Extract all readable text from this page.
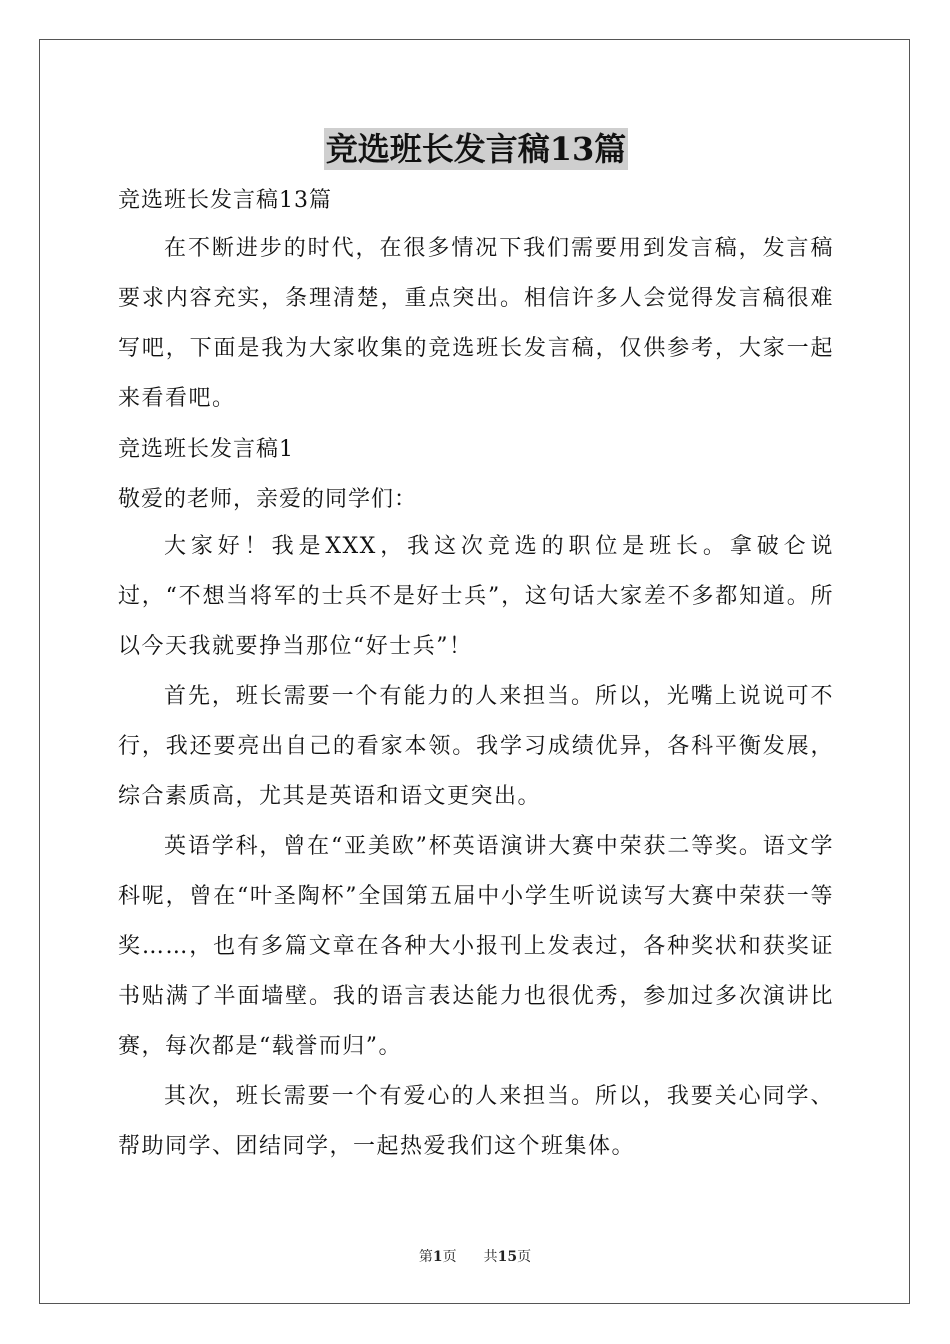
竞选班长发言稿13篇
竞选班长发言稿13篇
在不断进步的时代，在很多情况下我们需要用到发言稿，发言稿要求内容充实，条理清楚，重点突出。相信许多人会觉得发言稿很难写吧，下面是我为大家收集的竞选班长发言稿，仅供参考，大家一起来看看吧。
竞选班长发言稿1
敬爱的老师，亲爱的同学们：
大家好！我是XXX，我这次竞选的职位是班长。拿破仑说过，“不想当将军的士兵不是好士兵”，这句话大家差不多都知道。所以今天我就要挣当那位“好士兵”！
首先，班长需要一个有能力的人来担当。所以，光嘴上说说可不行，我还要亮出自己的看家本领。我学习成绩优异，各科平衡发展，综合素质高，尤其是英语和语文更突出。
英语学科，曾在“亚美欧”杯英语演讲大赛中荣获二等奖。语文学科呢，曾在“叶圣陶杯”全国第五届中小学生听说读写大赛中荣获一等奖……，也有多篇文章在各种大小报刊上发表过，各种奖状和获奖证书贴满了半面墙壁。我的语言表达能力也很优秀，参加过多次演讲比赛，每次都是“载誉而归”。
其次，班长需要一个有爱心的人来担当。所以，我要关心同学、帮助同学、团结同学，一起热爱我们这个班集体。
第1页 共15页
